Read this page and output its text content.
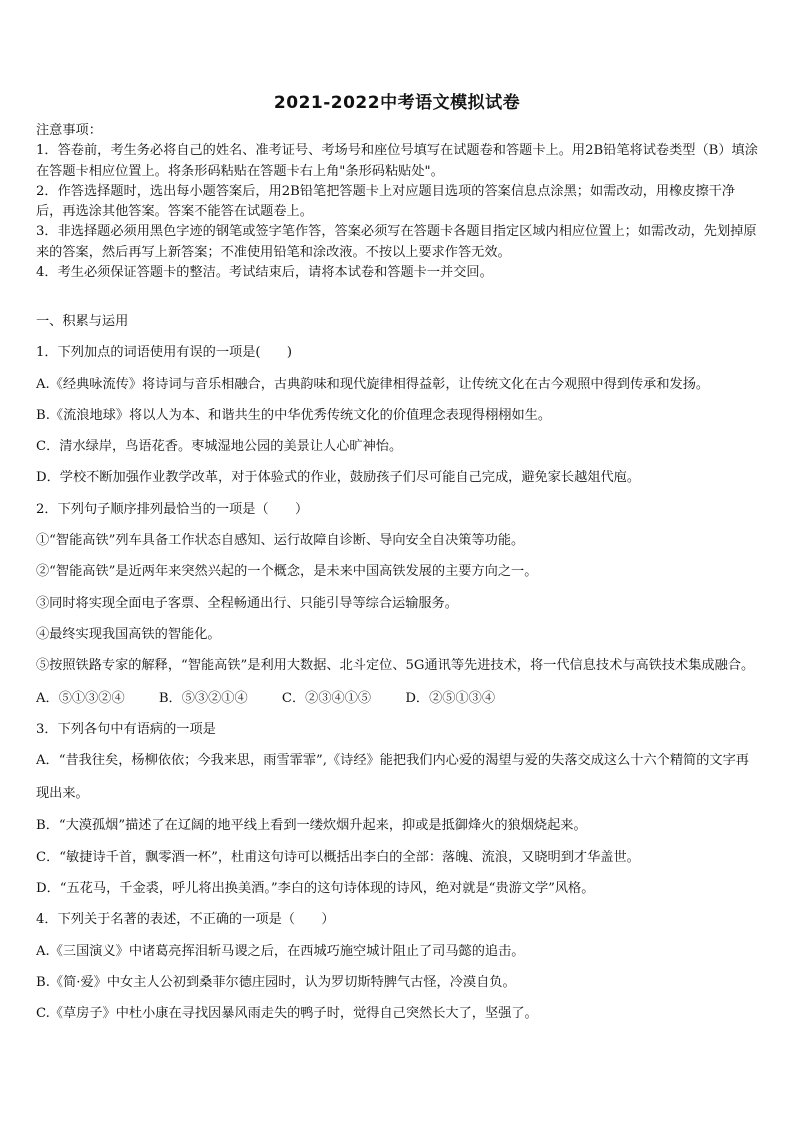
2021-2022中考语文模拟试卷

注意事项：

1．答卷前，考生务必将自己的姓名、准考证号、考场号和座位号填写在试题卷和答题卡上。用2B铅笔将试卷类型（B）填涂在答题卡相应位置上。将条形码粘贴在答题卡右上角"条形码粘贴处"。

2．作答选择题时，选出每小题答案后，用2B铅笔把答题卡上对应题目选项的答案信息点涂黑；如需改动，用橡皮擦干净后，再选涂其他答案。答案不能答在试题卷上。

3．非选择题必须用黑色字迹的钢笔或签字笔作答，答案必须写在答题卡各题目指定区域内相应位置上；如需改动，先划掉原来的答案，然后再写上新答案；不准使用铅笔和涂改液。不按以上要求作答无效。

4．考生必须保证答题卡的整洁。考试结束后，请将本试卷和答题卡一并交回。

一、积累与运用

1．下列加点的词语使用有误的一项是(　　)

A.《经典咏流传》将诗词与音乐相融合，古典韵味和现代旋律相得益彰，让传统文化在古今观照中得到传承和发扬。

B.《流浪地球》将以人为本、和谐共生的中华优秀传统文化的价值理念表现得栩栩如生。

C．清水绿岸，鸟语花香。枣城湿地公园的美景让人心旷神怡。

D．学校不断加强作业教学改革，对于体验式的作业，鼓励孩子们尽可能自己完成，避免家长越俎代庖。

2．下列句子顺序排列最恰当的一项是（　　）

①“智能高铁”列车具备工作状态自感知、运行故障自诊断、导向安全自决策等功能。

②“智能高铁”是近两年来突然兴起的一个概念，是未来中国高铁发展的主要方向之一。

③同时将实现全面电子客票、全程畅通出行、只能引导等综合运输服务。

④最终实现我国高铁的智能化。

⑤按照铁路专家的解释，“智能高铁”是利用大数据、北斗定位、5G通讯等先进技术，将一代信息技术与高铁技术集成融合。

A．⑤①③②④	B．⑤③②①④	C．②③④①⑤	D．②⑤①③④

3．下列各句中有语病的一项是

A．“昔我往矣，杨柳依依；今我来思，雨雪霏霏”,《诗经》能把我们内心爱的渴望与爱的失落交成这么十六个精简的文字再现出来。

B．“大漠孤烟”描述了在辽阔的地平线上看到一缕炊烟升起来，抑或是抵御烽火的狼烟烧起来。

C．“敏捷诗千首，飘零酒一杯”，杜甫这句诗可以概括出李白的全部：落魄、流浪，又晓明到才华盖世。

D．“五花马，千金裘，呼儿将出换美酒。”李白的这句诗体现的诗风，绝对就是“贵游文学”风格。

4．下列关于名著的表述，不正确的一项是（　　）

A.《三国演义》中诸葛亮挥泪斩马谡之后，在西城巧施空城计阻止了司马懿的追击。

B.《简·爱》中女主人公初到桑菲尔德庄园时，认为罗切斯特脾气古怪，冷漠自负。

C.《草房子》中杜小康在寻找因暴风雨走失的鸭子时，觉得自己突然长大了，坚强了。
